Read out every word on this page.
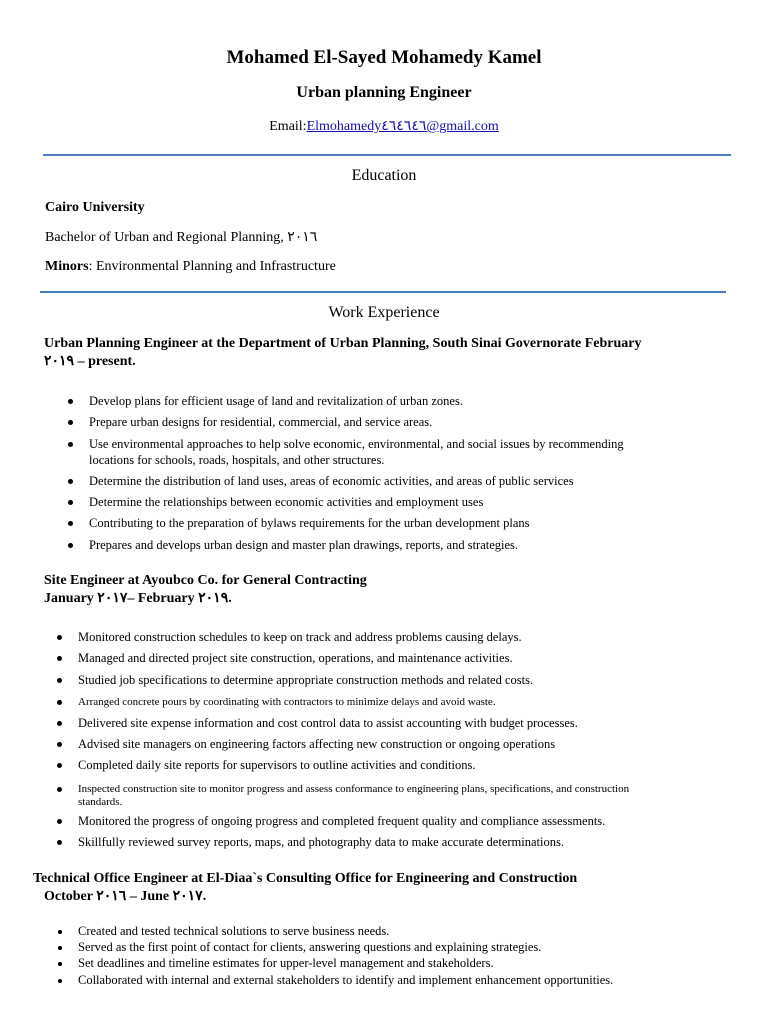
Mohamed El-Sayed Mohamedy Kamel
Urban planning Engineer
Email:Elmohamedy٤٦٤٦٤٦@gmail.com
Education
Cairo University
Bachelor of Urban and Regional Planning, ٢٠١٦
Minors: Environmental Planning and Infrastructure
Work Experience
Urban Planning Engineer at the Department of Urban Planning, South Sinai Governorate February
٢٠١٩ – present.
Develop plans for efficient usage of land and revitalization of urban zones.
Prepare urban designs for residential, commercial, and service areas.
Use environmental approaches to help solve economic, environmental, and social issues by recommending
locations for schools, roads, hospitals, and other structures.
Determine the distribution of land uses, areas of economic activities, and areas of public services
Determine the relationships between economic activities and employment uses
Contributing to the preparation of bylaws requirements for the urban development plans
Prepares and develops urban design and master plan drawings, reports, and strategies.
Site Engineer at Ayoubco Co. for General Contracting
January ٢٠١٧– February ٢٠١٩.
Monitored construction schedules to keep on track and address problems causing delays.
Managed and directed project site construction, operations, and maintenance activities.
Studied job specifications to determine appropriate construction methods and related costs.
Arranged concrete pours by coordinating with contractors to minimize delays and avoid waste.
Delivered site expense information and cost control data to assist accounting with budget processes.
Advised site managers on engineering factors affecting new construction or ongoing operations
Completed daily site reports for supervisors to outline activities and conditions.
Inspected construction site to monitor progress and assess conformance to engineering plans, specifications, and construction
standards.
Monitored the progress of ongoing progress and completed frequent quality and compliance assessments.
Skillfully reviewed survey reports, maps, and photography data to make accurate determinations.
Technical Office Engineer at El-Diaa`s Consulting Office for Engineering and Construction
October ٢٠١٦ – June ٢٠١٧.
Created and tested technical solutions to serve business needs.
Served as the first point of contact for clients, answering questions and explaining strategies.
Set deadlines and timeline estimates for upper-level management and stakeholders.
Collaborated with internal and external stakeholders to identify and implement enhancement opportunities.
